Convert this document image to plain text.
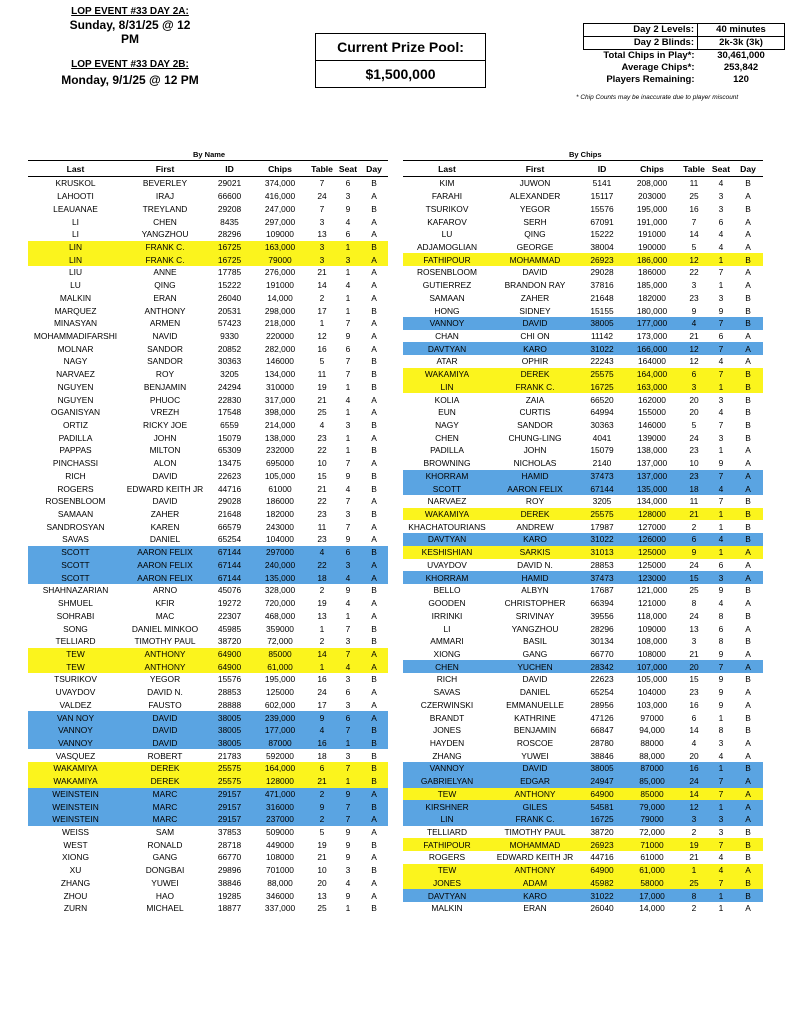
LOP EVENT #33 DAY 2A:
Sunday, 8/31/25 @ 12 PM
LOP EVENT #33 DAY 2B:
Monday, 9/1/25 @ 12 PM
Current Prize Pool:
$1,500,000
Day 2 Levels:	40 minutes
Day 2 Blinds:	2k-3k (3k)
Total Chips in Play*:	30,461,000
Average Chips*:	253,842
Players Remaining:	120
* Chip Counts may be inaccurate due to player miscount
By Name	By Chips
Last	First	ID	Chips	Table	Seat	Day
KRUSKOL	BEVERLEY	29021	374,000	7	6	B
LAHOOTI	IRAJ	66600	416,000	24	3	A
LEAUANAE	TREYLAND	29208	247,000	7	9	B
LI	CHEN	8435	297,000	3	4	A
LI	YANGZHOU	28296	109000	13	6	A
LIN	FRANK C.	16725	163,000	3	1	B
LIN	FRANK C.	16725	79000	3	3	A
LIU	ANNE	17785	276,000	21	1	A
LU	QING	15222	191000	14	4	A
MALKIN	ERAN	26040	14,000	2	1	A
MARQUEZ	ANTHONY	20531	298,000	17	1	B
MINASYAN	ARMEN	57423	218,000	1	7	A
MOHAMMADIFARSHI	NAVID	9330	220000	12	9	A
MOLNAR	SANDOR	20852	282,000	16	6	A
NAGY	SANDOR	30363	146000	5	7	B
NARVAEZ	ROY	3205	134,000	11	7	B
NGUYEN	BENJAMIN	24294	310000	19	1	B
NGUYEN	PHUOC	22830	317,000	21	4	A
OGANISYAN	VREZH	17548	398,000	25	1	A
ORTIZ	RICKY JOE	6559	214,000	4	3	B
PADILLA	JOHN	15079	138,000	23	1	A
PAPPAS	MILTON	65309	232000	22	1	B
PINCHASSI	ALON	13475	695000	10	7	A
RICH	DAVID	22623	105,000	15	9	B
ROGERS	EDWARD KEITH JR	44716	61000	21	4	B
ROSENBLOOM	DAVID	29028	186000	22	7	A
SAMAAN	ZAHER	21648	182000	23	3	B
SANDROSYAN	KAREN	66579	243000	11	7	A
SAVAS	DANIEL	65254	104000	23	9	A
SCOTT	AARON FELIX	67144	297000	4	6	B
SCOTT	AARON FELIX	67144	240,000	22	3	A
SCOTT	AARON FELIX	67144	135,000	18	4	A
SHAHNAZARIAN	ARNO	45076	328,000	2	9	B
SHMUEL	KFIR	19272	720,000	19	4	A
SOHRABI	MAC	22307	468,000	13	1	A
SONG	DANIEL MINKOO	45985	359000	1	7	B
TELLIARD	TIMOTHY PAUL	38720	72,000	2	3	B
TEW	ANTHONY	64900	85000	14	7	A
TEW	ANTHONY	64900	61,000	1	4	A
TSURIKOV	YEGOR	15576	195,000	16	3	B
UVAYDOV	DAVID N.	28853	125000	24	6	A
VALDEZ	FAUSTO	28888	602,000	17	3	A
VAN NOY	DAVID	38005	239,000	9	6	A
VANNOY	DAVID	38005	177,000	4	7	B
VANNOY	DAVID	38005	87000	16	1	B
VASQUEZ	ROBERT	21783	592000	18	3	B
WAKAMIYA	DEREK	25575	164,000	6	7	B
WAKAMIYA	DEREK	25575	128000	21	1	B
WEINSTEIN	MARC	29157	471,000	2	9	A
WEINSTEIN	MARC	29157	316000	9	7	B
WEINSTEIN	MARC	29157	237000	2	7	A
WEISS	SAM	37853	509000	5	9	A
WEST	RONALD	28718	449000	19	9	B
XIONG	GANG	66770	108000	21	9	A
XU	DONGBAI	29896	701000	10	3	B
ZHANG	YUWEI	38846	88,000	20	4	A
ZHOU	HAO	19285	346000	13	9	A
ZURN	MICHAEL	18877	337,000	25	1	B
Last	First	ID	Chips	Table	Seat	Day
KIM	JUWON	5141	208,000	11	4	B
FARAHI	ALEXANDER	15117	203000	25	3	A
TSURIKOV	YEGOR	15576	195,000	16	3	B
KAFAROV	SERH	67091	191,000	7	6	A
LU	QING	15222	191000	14	4	A
ADJAMOGLIAN	GEORGE	38004	190000	5	4	A
FATHIPOUR	MOHAMMAD	26923	186,000	12	1	B
ROSENBLOOM	DAVID	29028	186000	22	7	A
GUTIERREZ	BRANDON RAY	37816	185,000	3	1	A
SAMAAN	ZAHER	21648	182000	23	3	B
HONG	SIDNEY	15155	180,000	9	9	B
VANNOY	DAVID	38005	177,000	4	7	B
CHAN	CHI ON	11142	173,000	21	6	A
DAVTYAN	KARO	31022	166,000	12	7	A
ATAR	OPHIR	22243	164000	12	4	A
WAKAMIYA	DEREK	25575	164,000	6	7	B
LIN	FRANK C.	16725	163,000	3	1	B
KOLIA	ZAIA	66520	162000	20	3	B
EUN	CURTIS	64994	155000	20	4	B
NAGY	SANDOR	30363	146000	5	7	B
CHEN	CHUNG-LING	4041	139000	24	3	B
PADILLA	JOHN	15079	138,000	23	1	A
BROWNING	NICHOLAS	2140	137,000	10	9	A
KHORRAM	HAMID	37473	137,000	23	7	A
SCOTT	AARON FELIX	67144	135,000	18	4	A
NARVAEZ	ROY	3205	134,000	11	7	B
WAKAMIYA	DEREK	25575	128000	21	1	B
KHACHATOURIANS	ANDREW	17987	127000	2	1	B
DAVTYAN	KARO	31022	126000	6	4	B
KESHISHIAN	SARKIS	31013	125000	9	1	A
UVAYDOV	DAVID N.	28853	125000	24	6	A
KHORRAM	HAMID	37473	123000	15	3	A
BELLO	ALBYN	17687	121,000	25	9	B
GOODEN	CHRISTOPHER	66394	121000	8	4	A
IRRINKI	SRIVINAY	39556	118,000	24	8	B
LI	YANGZHOU	28296	109000	13	6	A
AMMARI	BASIL	30134	108,000	3	8	B
XIONG	GANG	66770	108000	21	9	A
CHEN	YUCHEN	28342	107,000	20	7	A
RICH	DAVID	22623	105,000	15	9	B
SAVAS	DANIEL	65254	104000	23	9	A
CZERWINSKI	EMMANUELLE	28956	103,000	16	9	A
BRANDT	KATHRINE	47126	97000	6	1	B
JONES	BENJAMIN	66847	94,000	14	8	B
HAYDEN	ROSCOE	28780	88000	4	3	A
ZHANG	YUWEI	38846	88,000	20	4	A
VANNOY	DAVID	38005	87000	16	1	B
GABRIELYAN	EDGAR	24947	85,000	24	7	A
TEW	ANTHONY	64900	85000	14	7	A
KIRSHNER	GILES	54581	79,000	12	1	A
LIN	FRANK C.	16725	79000	3	3	A
TELLIARD	TIMOTHY PAUL	38720	72,000	2	3	B
FATHIPOUR	MOHAMMAD	26923	71000	19	7	B
ROGERS	EDWARD KEITH JR	44716	61000	21	4	B
TEW	ANTHONY	64900	61,000	1	4	A
JONES	ADAM	45982	58000	25	7	B
DAVTYAN	KARO	31022	17,000	8	1	B
MALKIN	ERAN	26040	14,000	2	1	A
